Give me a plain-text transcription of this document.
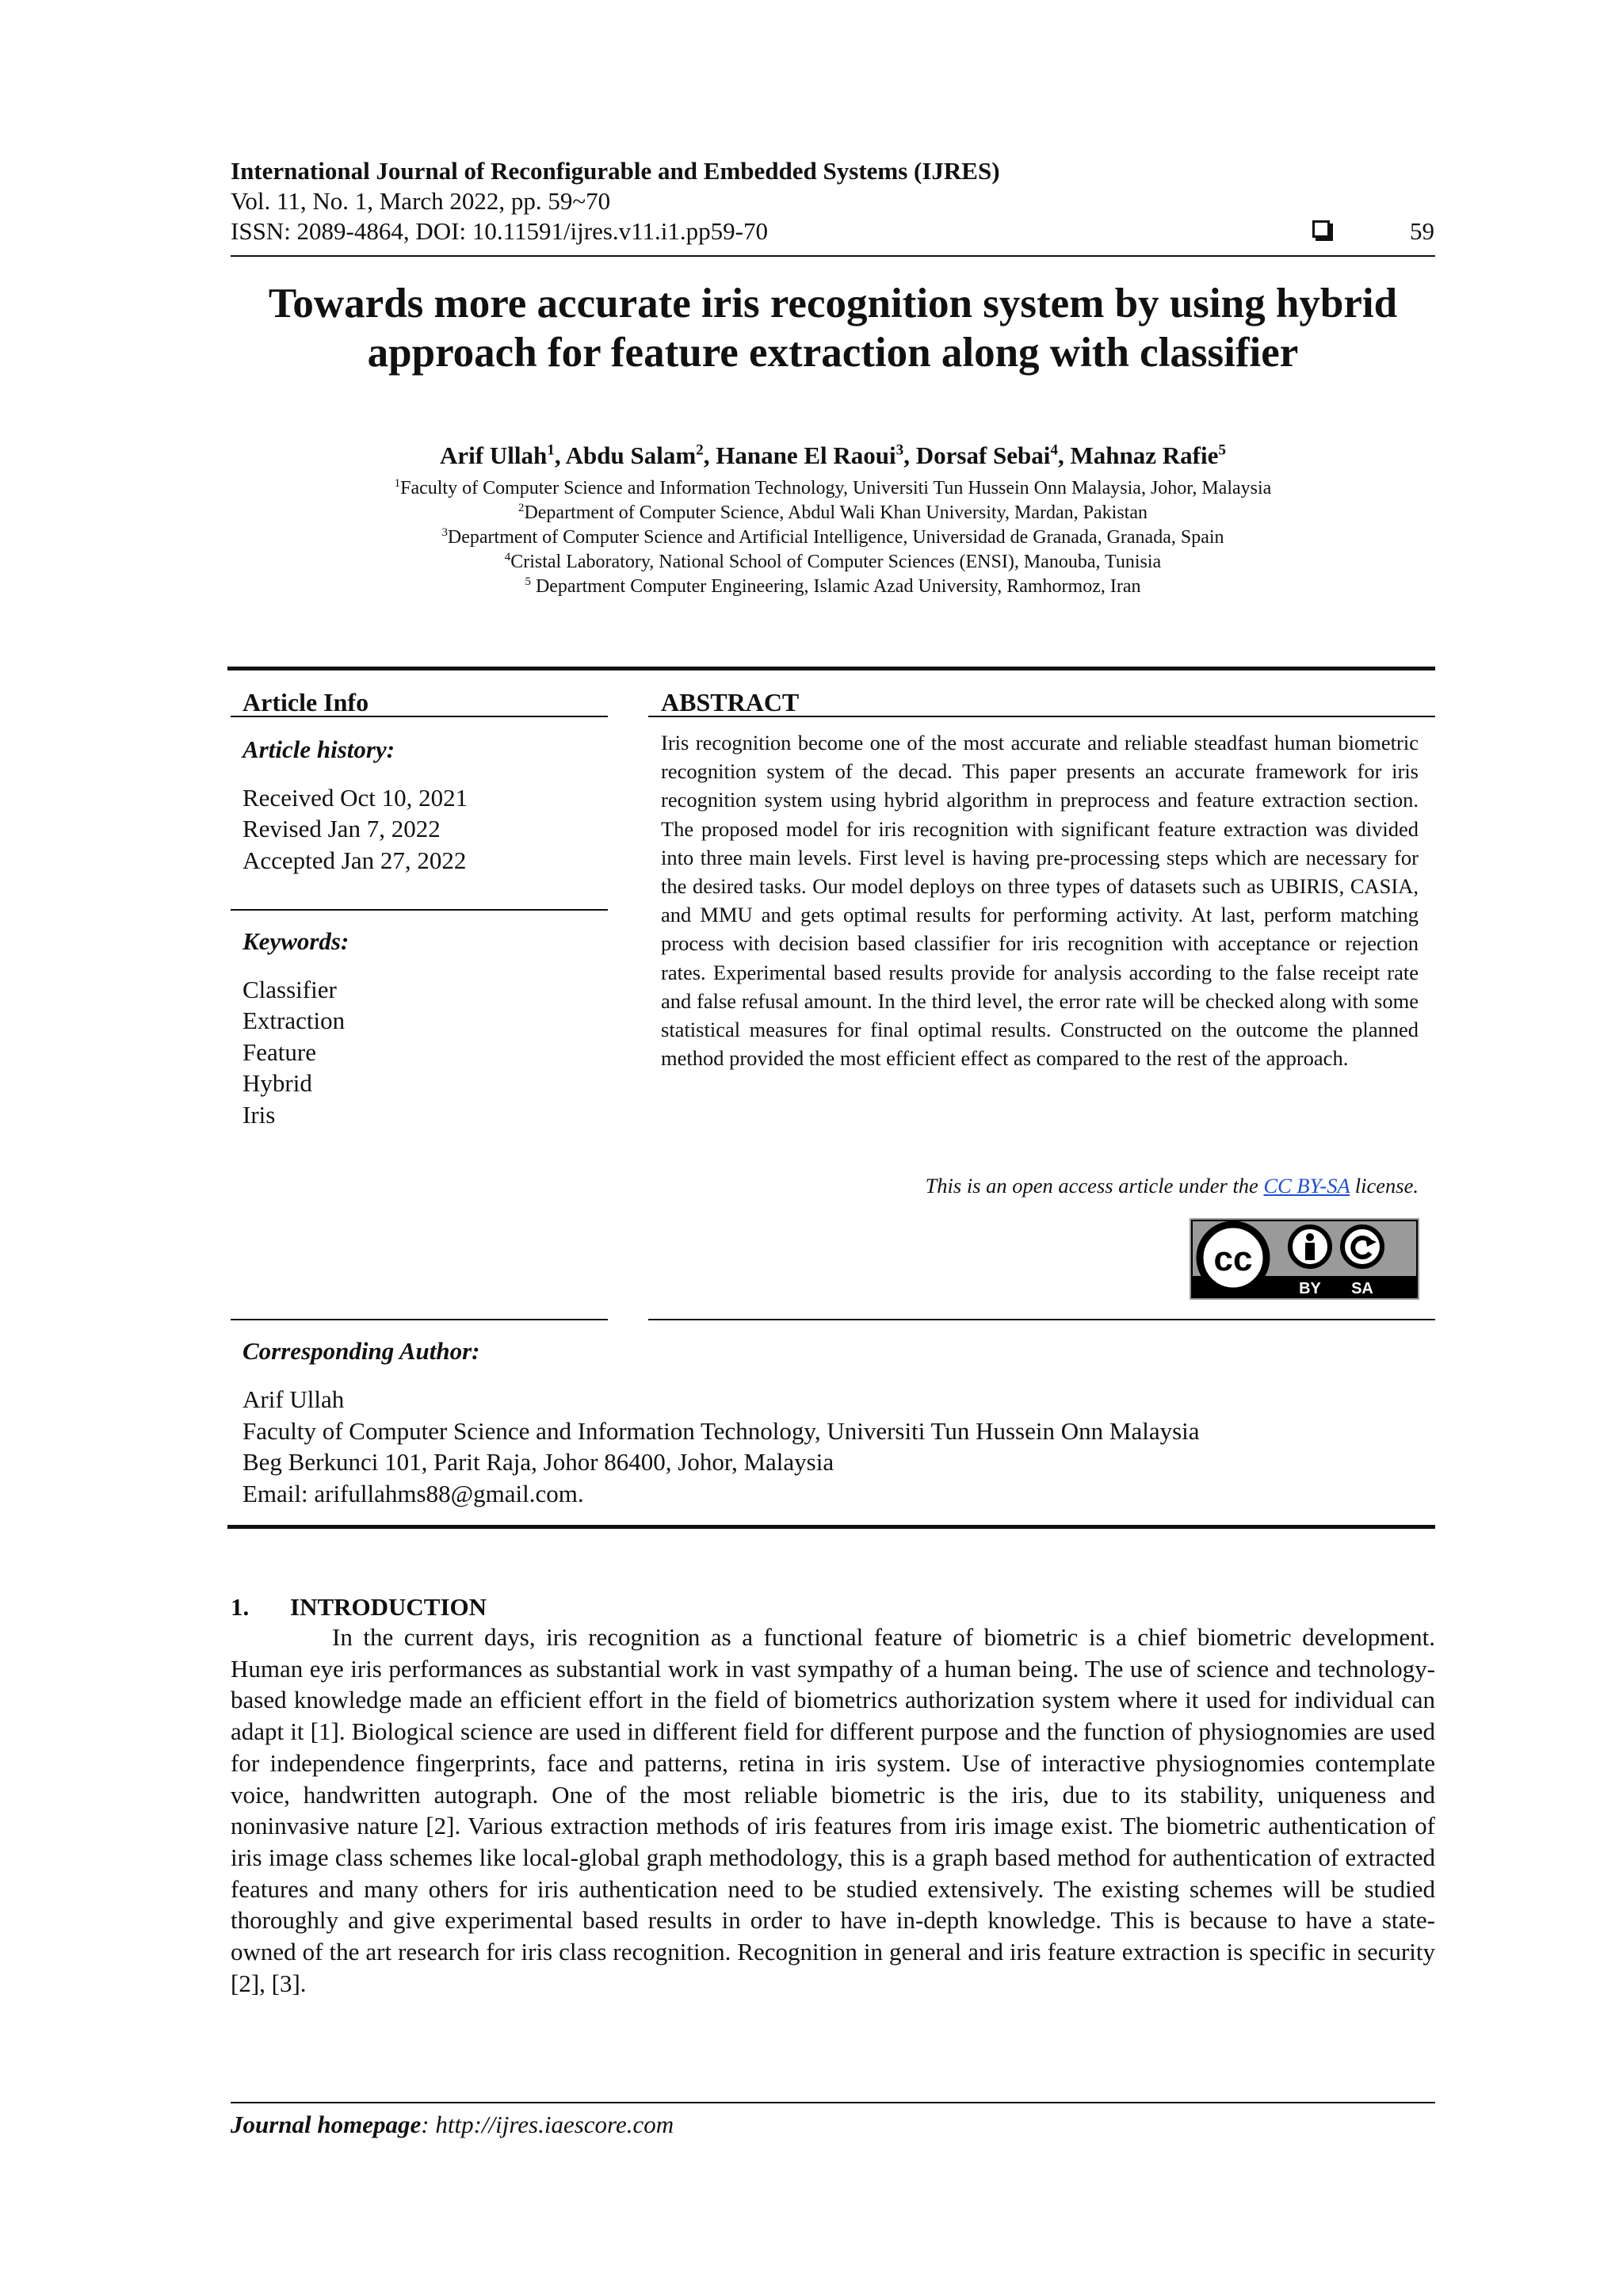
International Journal of Reconfigurable and Embedded Systems (IJRES)
Vol. 11, No. 1, March 2022, pp. 59~70
ISSN: 2089-4864, DOI: 10.11591/ijres.v11.i1.pp59-70	59
Towards more accurate iris recognition system by using hybrid approach for feature extraction along with classifier
Arif Ullah$^1$, Abdu Salam$^2$, Hanane El Raoui$^3$, Dorsaf Sebai$^4$, Mahnaz Rafie$^5$
$^1$Faculty of Computer Science and Information Technology, Universiti Tun Hussein Onn Malaysia, Johor, Malaysia
$^2$Department of Computer Science, Abdul Wali Khan University, Mardan, Pakistan
$^3$Department of Computer Science and Artificial Intelligence, Universidad de Granada, Granada, Spain
$^4$Cristal Laboratory, National School of Computer Sciences (ENSI), Manouba, Tunisia
$^5$ Department Computer Engineering, Islamic Azad University, Ramhormoz, Iran
Article Info
Article history:
Received Oct 10, 2021
Revised Jan 7, 2022
Accepted Jan 27, 2022
Keywords:
Classifier
Extraction
Feature
Hybrid
Iris
ABSTRACT
Iris recognition become one of the most accurate and reliable steadfast human biometric recognition system of the decad. This paper presents an accurate framework for iris recognition system using hybrid algorithm in preprocess and feature extraction section. The proposed model for iris recognition with significant feature extraction was divided into three main levels. First level is having pre-processing steps which are necessary for the desired tasks. Our model deploys on three types of datasets such as UBIRIS, CASIA, and MMU and gets optimal results for performing activity. At last, perform matching process with decision based classifier for iris recognition with acceptance or rejection rates. Experimental based results provide for analysis according to the false receipt rate and false refusal amount. In the third level, the error rate will be checked along with some statistical measures for final optimal results. Constructed on the outcome the planned method provided the most efficient effect as compared to the rest of the approach.
This is an open access article under the CC BY-SA license.
cc
BY SA
Corresponding Author:
Arif Ullah
Faculty of Computer Science and Information Technology, Universiti Tun Hussein Onn Malaysia
Beg Berkunci 101, Parit Raja, Johor 86400, Johor, Malaysia
Email: arifullahms88@gmail.com.
1. INTRODUCTION
In the current days, iris recognition as a functional feature of biometric is a chief biometric development. Human eye iris performances as substantial work in vast sympathy of a human being. The use of science and technology-based knowledge made an efficient effort in the field of biometrics authorization system where it used for individual can adapt it [1]. Biological science are used in different field for different purpose and the function of physiognomies are used for independence fingerprints, face and patterns, retina in iris system. Use of interactive physiognomies contemplate voice, handwritten autograph. One of the most reliable biometric is the iris, due to its stability, uniqueness and noninvasive nature [2]. Various extraction methods of iris features from iris image exist. The biometric authentication of iris image class schemes like local-global graph methodology, this is a graph based method for authentication of extracted features and many others for iris authentication need to be studied extensively. The existing schemes will be studied thoroughly and give experimental based results in order to have in-depth knowledge. This is because to have a state-owned of the art research for iris class recognition. Recognition in general and iris feature extraction is specific in security [2], [3].
Journal homepage: http://ijres.iaescore.com
